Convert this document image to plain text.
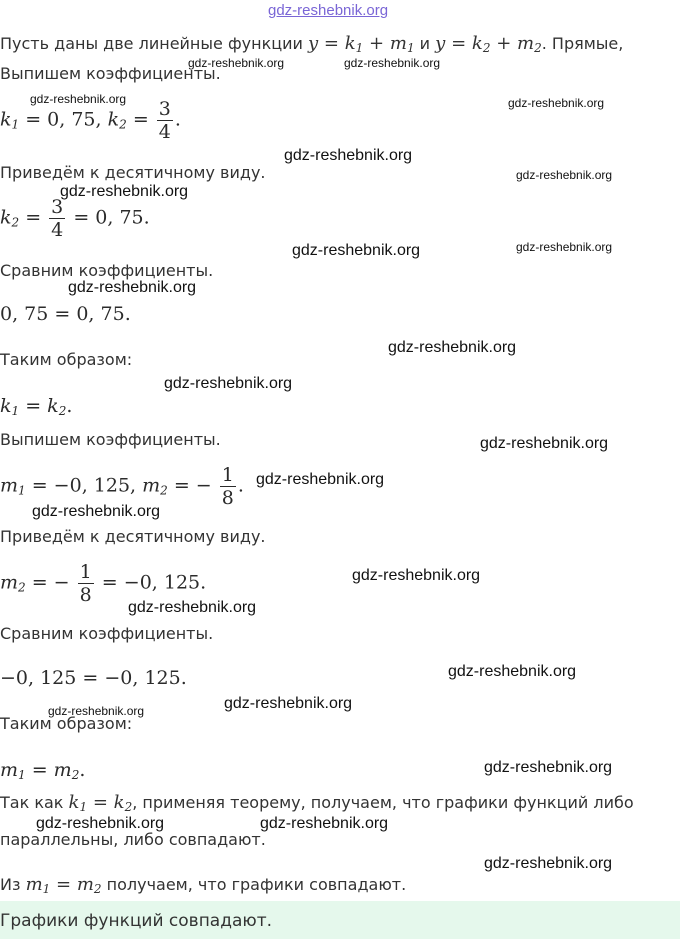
gdz-reshebnik.org
Пусть даны две линейные функции $y = k_1 + m_1$ и $y = k_2 + m_2$. Прямые,
Выпишем коэффициенты.
$k_1 = 0$, 75, $k_2 = \frac{3}{4}$ .
Приведём к десятичному виду.
$k_2 = \frac{3}{4} = 0$, 75.
Сравним коэффициенты.
0, 75 = 0, 75.
Таким образом:
$k_1 = k_2$.
Выпишем коэффициенты.
$m_1 = -0$, 125, $m_2$ = − $\frac{1}{8}$ .
Приведём к десятичному виду.
$m_2$ = − $\frac{1}{8} = -0$, 125.
Сравним коэффициенты.
−0, 125 = −0, 125.
Таким образом:
$m_1 = m_2$.
Так как $k_1 = k_2$, применяя теорему, получаем, что графики функций либо
параллельны, либо совпадают.
Из $m_1 = m_2$ получаем, что графики совпадают.
Графики функций совпадают.
gdz-reshebnik.org	gdz-reshebnik.org
gdz-reshebnik.org	gdz-reshebnik.org
gdz-reshebnik.org
gdz-reshebnik.org
gdz-reshebnik.org
gdz-reshebnik.org	gdz-reshebnik.org
gdz-reshebnik.org
gdz-reshebnik.org
gdz-reshebnik.org
gdz-reshebnik.org
gdz-reshebnik.org
gdz-reshebnik.org
gdz-reshebnik.org
gdz-reshebnik.org
gdz-reshebnik.org
gdz-reshebnik.org
gdz-reshebnik.org
gdz-reshebnik.org
gdz-reshebnik.org	gdz-reshebnik.org
gdz-reshebnik.org
